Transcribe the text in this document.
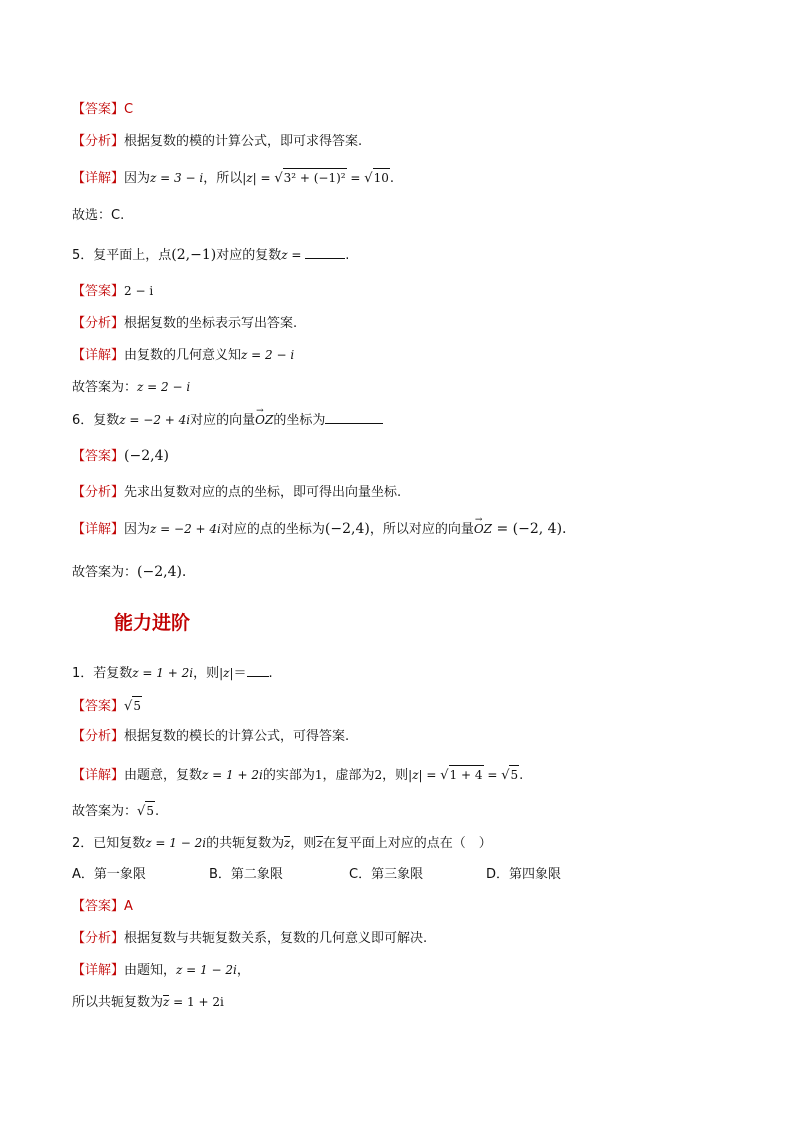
【答案】C
【分析】根据复数的模的计算公式，即可求得答案.
【详解】因为z = 3 − i，所以|z| = √3² + (−1)² = √10.
故选：C.
5．复平面上，点(2,−1)对应的复数z =	.
【答案】2 − i
【分析】根据复数的坐标表示写出答案.
【详解】由复数的几何意义知z = 2 − i
故答案为：z = 2 − i
6．复数z = −2 + 4i对应的向量→ OZ的坐标为
【答案】(−2,4)
【分析】先求出复数对应的点的坐标，即可得出向量坐标.
【详解】因为z = −2 + 4i对应的点的坐标为(−2,4)，所以对应的向量→ OZ = (−2, 4).
故答案为：(−2,4).
能力进阶
1．若复数z = 1 + 2i，则|z|＝ .
【答案】√5
【分析】根据复数的模长的计算公式，可得答案.
【详解】由题意，复数z = 1 + 2i的实部为1，虚部为2，则|z| = √1 + 4 = √5.
故答案为：√5.
2．已知复数z = 1 − 2i的共轭复数为z，则z在复平面上对应的点在（　）
A．第一象限	B．第二象限	C．第三象限	D．第四象限
【答案】A
【分析】根据复数与共轭复数关系，复数的几何意义即可解决.
【详解】由题知，z = 1 − 2i，
所以共轭复数为z = 1 + 2i
